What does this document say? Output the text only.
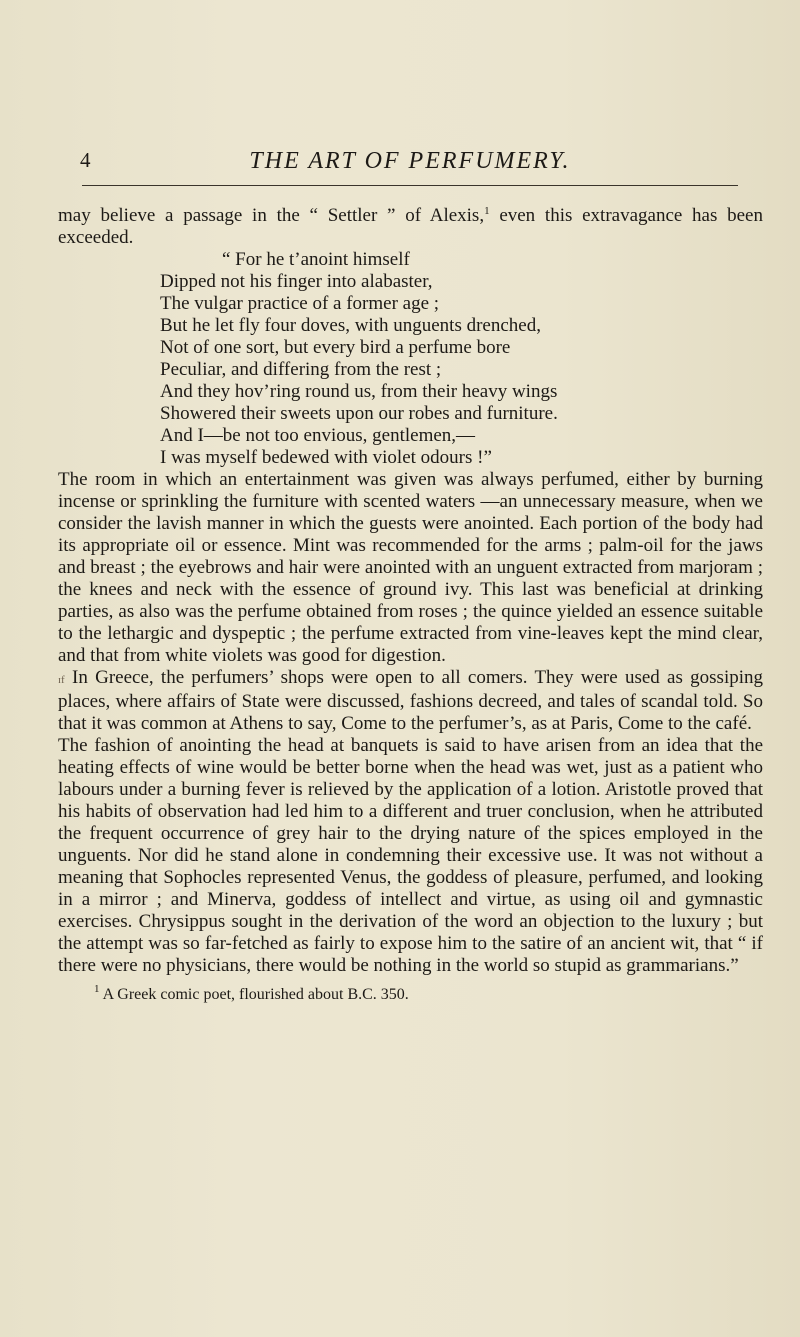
4	THE ART OF PERFUMERY.

may believe a passage in the “ Settler ” of Alexis,$^1$ even this extravagance has been exceeded.

“ For he t’anoint himself
Dipped not his finger into alabaster,
The vulgar practice of a former age ;
But he let fly four doves, with unguents drenched,
Not of one sort, but every bird a perfume bore
Peculiar, and differing from the rest ;
And they hov’ring round us, from their heavy wings
Showered their sweets upon our robes and furniture.
And I—be not too envious, gentlemen,—
I was myself bedewed with violet odours !”

The room in which an entertainment was given was always perfumed, either by burning incense or sprinkling the furniture with scented waters —an unnecessary measure, when we consider the lavish manner in which the guests were anointed. Each portion of the body had its appropriate oil or essence. Mint was recommended for the arms ; palm-oil for the jaws and breast ; the eyebrows and hair were anointed with an unguent extracted from marjoram ; the knees and neck with the essence of ground ivy. This last was beneficial at drinking parties, as also was the perfume obtained from roses ; the quince yielded an essence suitable to the lethargic and dyspeptic ; the perfume extracted from vine-leaves kept the mind clear, and that from white violets was good for digestion.

ɪf In Greece, the perfumers’ shops were open to all comers. They were used as gossiping places, where affairs of State were discussed, fashions decreed, and tales of scandal told. So that it was common at Athens to say, Come to the perfumer’s, as at Paris, Come to the café.

The fashion of anointing the head at banquets is said to have arisen from an idea that the heating effects of wine would be better borne when the head was wet, just as a patient who labours under a burning fever is relieved by the application of a lotion. Aristotle proved that his habits of observation had led him to a different and truer conclusion, when he attributed the frequent occurrence of grey hair to the drying nature of the spices employed in the unguents. Nor did he stand alone in condemning their excessive use. It was not without a meaning that Sophocles represented Venus, the goddess of pleasure, perfumed, and looking in a mirror ; and Minerva, goddess of intellect and virtue, as using oil and gymnastic exercises. Chrysippus sought in the derivation of the word an objection to the luxury ; but the attempt was so far-fetched as fairly to expose him to the satire of an ancient wit, that “ if there were no physicians, there would be nothing in the world so stupid as grammarians.”

$^1$ A Greek comic poet, flourished about B.C. 350.
